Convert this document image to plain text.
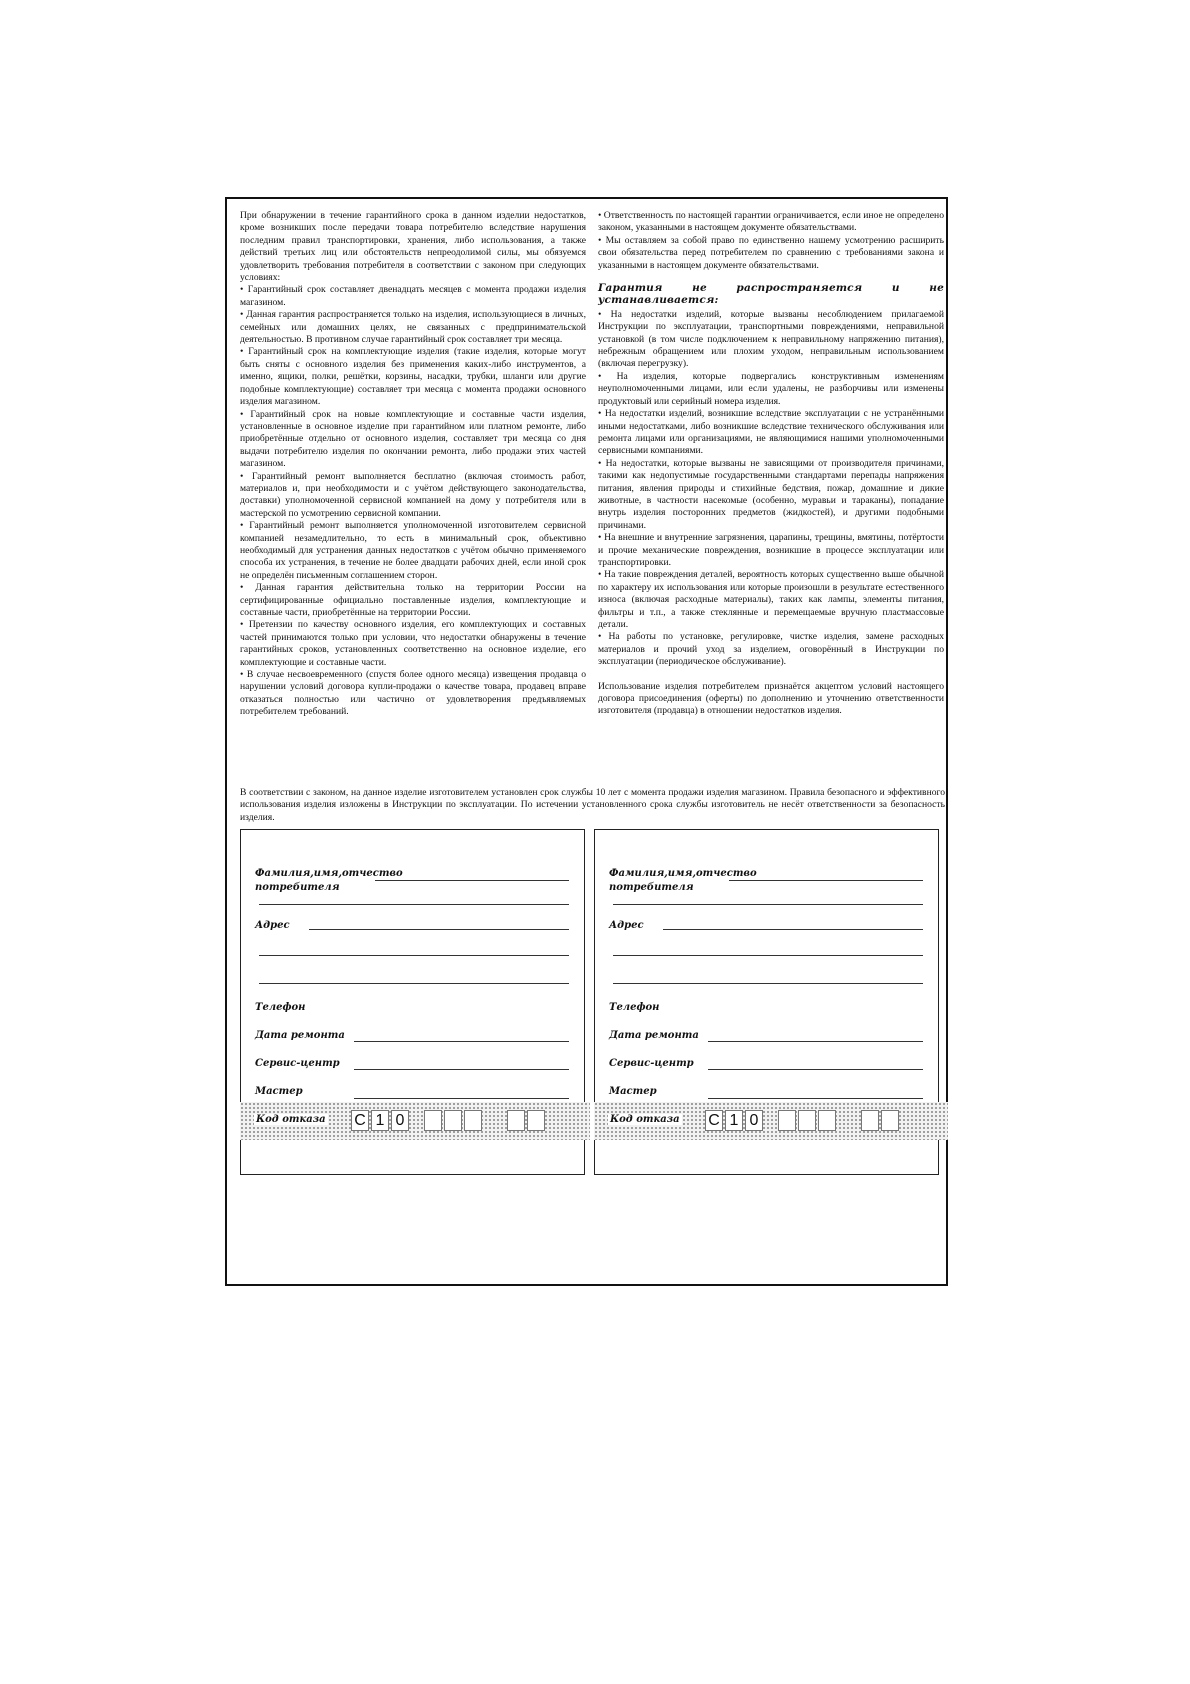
При обнаружении в течение гарантийного срока в данном изделии недостатков, кроме возникших после передачи товара потребителю вследствие нарушения последним правил транспортировки, хранения, либо использования, а также действий третьих лиц или обстоятельств непреодолимой силы, мы обязуемся удовлетворить требования потребителя в соответствии с законом при следующих условиях:

• Гарантийный срок составляет двенадцать месяцев с момента продажи изделия магазином.

• Данная гарантия распространяется только на изделия, использующиеся в личных, семейных или домашних целях, не связанных с предпринимательской деятельностью. В противном случае гарантийный срок составляет три месяца.

• Гарантийный срок на комплектующие изделия (такие изделия, которые могут быть сняты с основного изделия без применения каких-либо инструментов, а именно, ящики, полки, решётки, корзины, насадки, трубки, шланги или другие подобные комплектующие) составляет три месяца с момента продажи основного изделия магазином.

• Гарантийный срок на новые комплектующие и составные части изделия, установленные в основное изделие при гарантийном или платном ремонте, либо приобретённые отдельно от основного изделия, составляет три месяца со дня выдачи потребителю изделия по окончании ремонта, либо продажи этих частей магазином.

• Гарантийный ремонт выполняется бесплатно (включая стоимость работ, материалов и, при необходимости и с учётом действующего законодательства, доставки) уполномоченной сервисной компанией на дому у потребителя или в мастерской по усмотрению сервисной компании.

• Гарантийный ремонт выполняется уполномоченной изготовителем сервисной компанией незамедлительно, то есть в минимальный срок, объективно необходимый для устранения данных недостатков с учётом обычно применяемого способа их устранения, в течение не более двадцати рабочих дней, если иной срок не определён письменным соглашением сторон.

• Данная гарантия действительна только на территории России на сертифицированные официально поставленные изделия, комплектующие и составные части, приобретённые на территории России.

• Претензии по качеству основного изделия, его комплектующих и составных частей принимаются только при условии, что недостатки обнаружены в течение гарантийных сроков, установленных соответственно на основное изделие, его комплектующие и составные части.

• В случае несвоевременного (спустя более одного месяца) извещения продавца о нарушении условий договора купли-продажи о качестве товара, продавец вправе отказаться полностью или частично от удовлетворения предъявляемых потребителем требований.

• Ответственность по настоящей гарантии ограничивается, если иное не определено законом, указанными в настоящем документе обязательствами.

• Мы оставляем за собой право по единственно нашему усмотрению расширить свои обязательства перед потребителем по сравнению с требованиями закона и указанными в настоящем документе обязательствами.

Гарантия не распространяется и не устанавливается:

• На недостатки изделий, которые вызваны несоблюдением прилагаемой Инструкции по эксплуатации, транспортными повреждениями, неправильной установкой (в том числе подключением к неправильному напряжению питания), небрежным обращением или плохим уходом, неправильным использованием (включая перегрузку).

• На изделия, которые подвергались конструктивным изменениям неуполномоченными лицами, или если удалены, не разборчивы или изменены продуктовый или серийный номера изделия.

• На недостатки изделий, возникшие вследствие эксплуатации с не устранёнными иными недостатками, либо возникшие вследствие технического обслуживания или ремонта лицами или организациями, не являющимися нашими уполномоченными сервисными компаниями.

• На недостатки, которые вызваны не зависящими от производителя причинами, такими как недопустимые государственными стандартами перепады напряжения питания, явления природы и стихийные бедствия, пожар, домашние и дикие животные, в частности насекомые (особенно, муравьи и тараканы), попадание внутрь изделия посторонних предметов (жидкостей), и другими подобными причинами.

• На внешние и внутренние загрязнения, царапины, трещины, вмятины, потёртости и прочие механические повреждения, возникшие в процессе эксплуатации или транспортировки.

• На такие повреждения деталей, вероятность которых существенно выше обычной по характеру их использования или которые произошли в результате естественного износа (включая расходные материалы), таких как лампы, элементы питания, фильтры и т.п., а также стеклянные и перемещаемые вручную пластмассовые детали.

• На работы по установке, регулировке, чистке изделия, замене расходных материалов и прочий уход за изделием, оговорённый в Инструкции по эксплуатации (периодическое обслуживание).

Использование изделия потребителем признаётся акцептом условий настоящего договора присоединения (оферты) по дополнению и уточнению ответственности изготовителя (продавца) в отношении недостатков изделия.

В соответствии с законом, на данное изделие изготовителем установлен срок службы 10 лет с момента продажи изделия магазином. Правила безопасного и эффективного использования изделия изложены в Инструкции по эксплуатации. По истечении установленного срока службы изготовитель не несёт ответственности за безопасность изделия.

Фамилия,имя,отчество
потребителя
Адрес
Телефон
Дата ремонта
Сервис-центр
Мастер
Код отказа C 1 0
Фамилия,имя,отчество
потребителя
Адрес
Телефон
Дата ремонта
Сервис-центр
Мастер
Код отказа C 1 0
